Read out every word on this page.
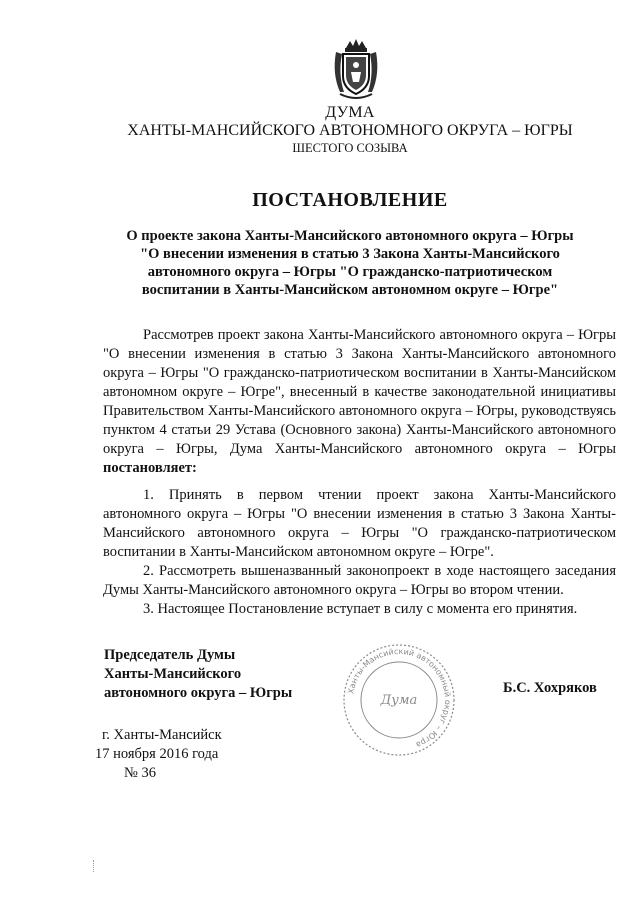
ДУМА
ХАНТЫ-МАНСИЙСКОГО АВТОНОМНОГО ОКРУГА – ЮГРЫ
ШЕСТОГО СОЗЫВА
ПОСТАНОВЛЕНИЕ
О проекте закона Ханты-Мансийского автономного округа – Югры
"О внесении изменения в статью 3 Закона Ханты-Мансийского
автономного округа – Югры "О гражданско-патриотическом
воспитании в Ханты-Мансийском автономном округе – Югре"

Рассмотрев проект закона Ханты-Мансийского автономного округа – Югры "О внесении изменения в статью 3 Закона Ханты-Мансийского автономного округа – Югры "О гражданско-патриотическом воспитании в Ханты-Мансийском автономном округе – Югре", внесенный в качестве законодательной инициативы Правительством Ханты-Мансийского автономного округа – Югры, руководствуясь пунктом 4 статьи 29 Устава (Основного закона) Ханты-Мансийского автономного округа – Югры, Дума Ханты-Мансийского автономного округа – Югры постановляет:

1. Принять в первом чтении проект закона Ханты-Мансийского автономного округа – Югры "О внесении изменения в статью 3 Закона Ханты-Мансийского автономного округа – Югры "О гражданско-патриотическом воспитании в Ханты-Мансийском автономном округе – Югре".

2. Рассмотреть вышеназванный законопроект в ходе настоящего заседания Думы Ханты-Мансийского автономного округа – Югры во втором чтении.

3. Настоящее Постановление вступает в силу с момента его принятия.

Председатель Думы
Ханты-Мансийского
автономного округа – Югры	Ханты-Мансийский автономный округ – Югра
Дума
Б.С. Хохряков
г. Ханты-Мансийск
17 ноября 2016 года
№ 36
